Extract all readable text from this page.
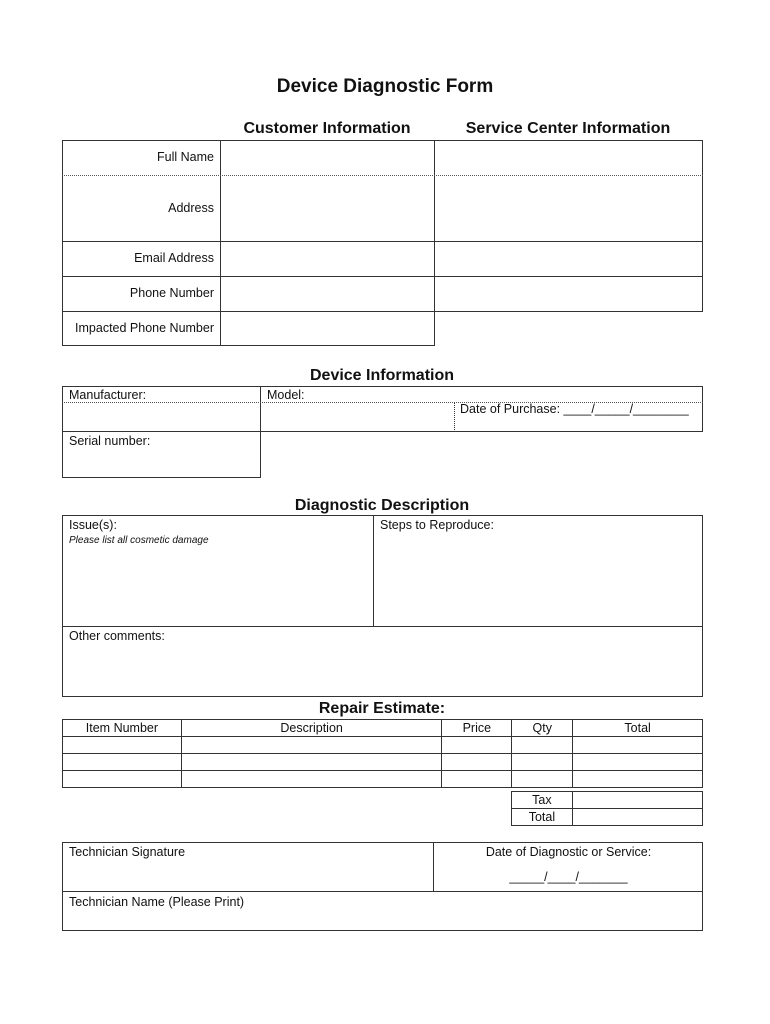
Device Diagnostic Form
Customer Information	Service Center Information
Full Name
Address
Email Address
Phone Number
Impacted Phone Number
Device Information
Manufacturer:	Model:
Date of Purchase: ____/_____/________
Serial number:
Diagnostic Description
Issue(s):
Please list all cosmetic damage
Steps to Reproduce:
Other comments:
Repair Estimate:
Item Number	Description	Price	Qty	Total

Tax	
Total	
Technician Signature	Date of Diagnostic or Service:
_____/____/_______
Technician Name (Please Print)
